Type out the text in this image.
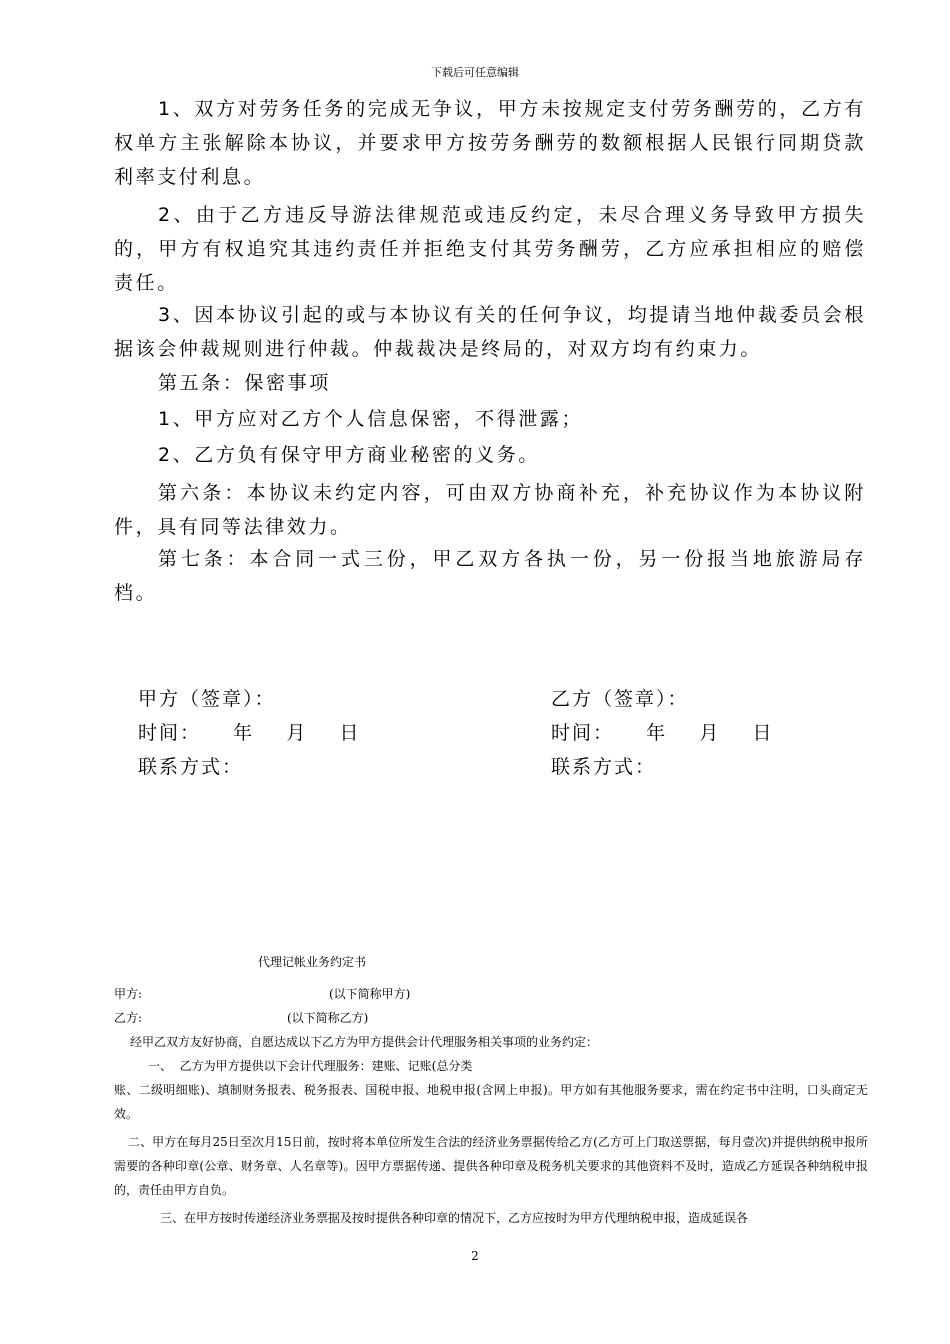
下载后可任意编辑

1、双方对劳务任务的完成无争议，甲方未按规定支付劳务酬劳的，乙方有权单方主张解除本协议，并要求甲方按劳务酬劳的数额根据人民银行同期贷款利率支付利息。

2、由于乙方违反导游法律规范或违反约定，未尽合理义务导致甲方损失的，甲方有权追究其违约责任并拒绝支付其劳务酬劳，乙方应承担相应的赔偿责任。

3、因本协议引起的或与本协议有关的任何争议，均提请当地仲裁委员会根据该会仲裁规则进行仲裁。仲裁裁决是终局的，对双方均有约束力。

第五条：保密事项

1、甲方应对乙方个人信息保密，不得泄露；

2、乙方负有保守甲方商业秘密的义务。

第六条：本协议未约定内容，可由双方协商补充，补充协议作为本协议附件，具有同等法律效力。

第七条：本合同一式三份，甲乙双方各执一份，另一份报当地旅游局存档。

甲方（签章）：
时间：    年    月    日
联系方式：
乙方（签章）：
时间：    年    月    日
联系方式：
代理记帐业务约定书

甲方:                                                 (以下简称甲方)

乙方:                                      (以下简称乙方)

经甲乙双方友好协商，自愿达成以下乙方为甲方提供会计代理服务相关事项的业务约定：

一、  乙方为甲方提供以下会计代理服务：建账、记账(总分类

账、二级明细账)、填制财务报表、税务报表、国税申报、地税申报(含网上申报)。甲方如有其他服务要求，需在约定书中注明，口头商定无效。

二、甲方在每月25日至次月15日前，按时将本单位所发生合法的经济业务票据传给乙方(乙方可上门取送票据，每月壹次)并提供纳税申报所需要的各种印章(公章、财务章、人名章等)。因甲方票据传递、提供各种印章及税务机关要求的其他资料不及时，造成乙方延误各种纳税申报的，责任由甲方自负。

三、在甲方按时传递经济业务票据及按时提供各种印章的情况下，乙方应按时为甲方代理纳税申报，造成延误各

2
